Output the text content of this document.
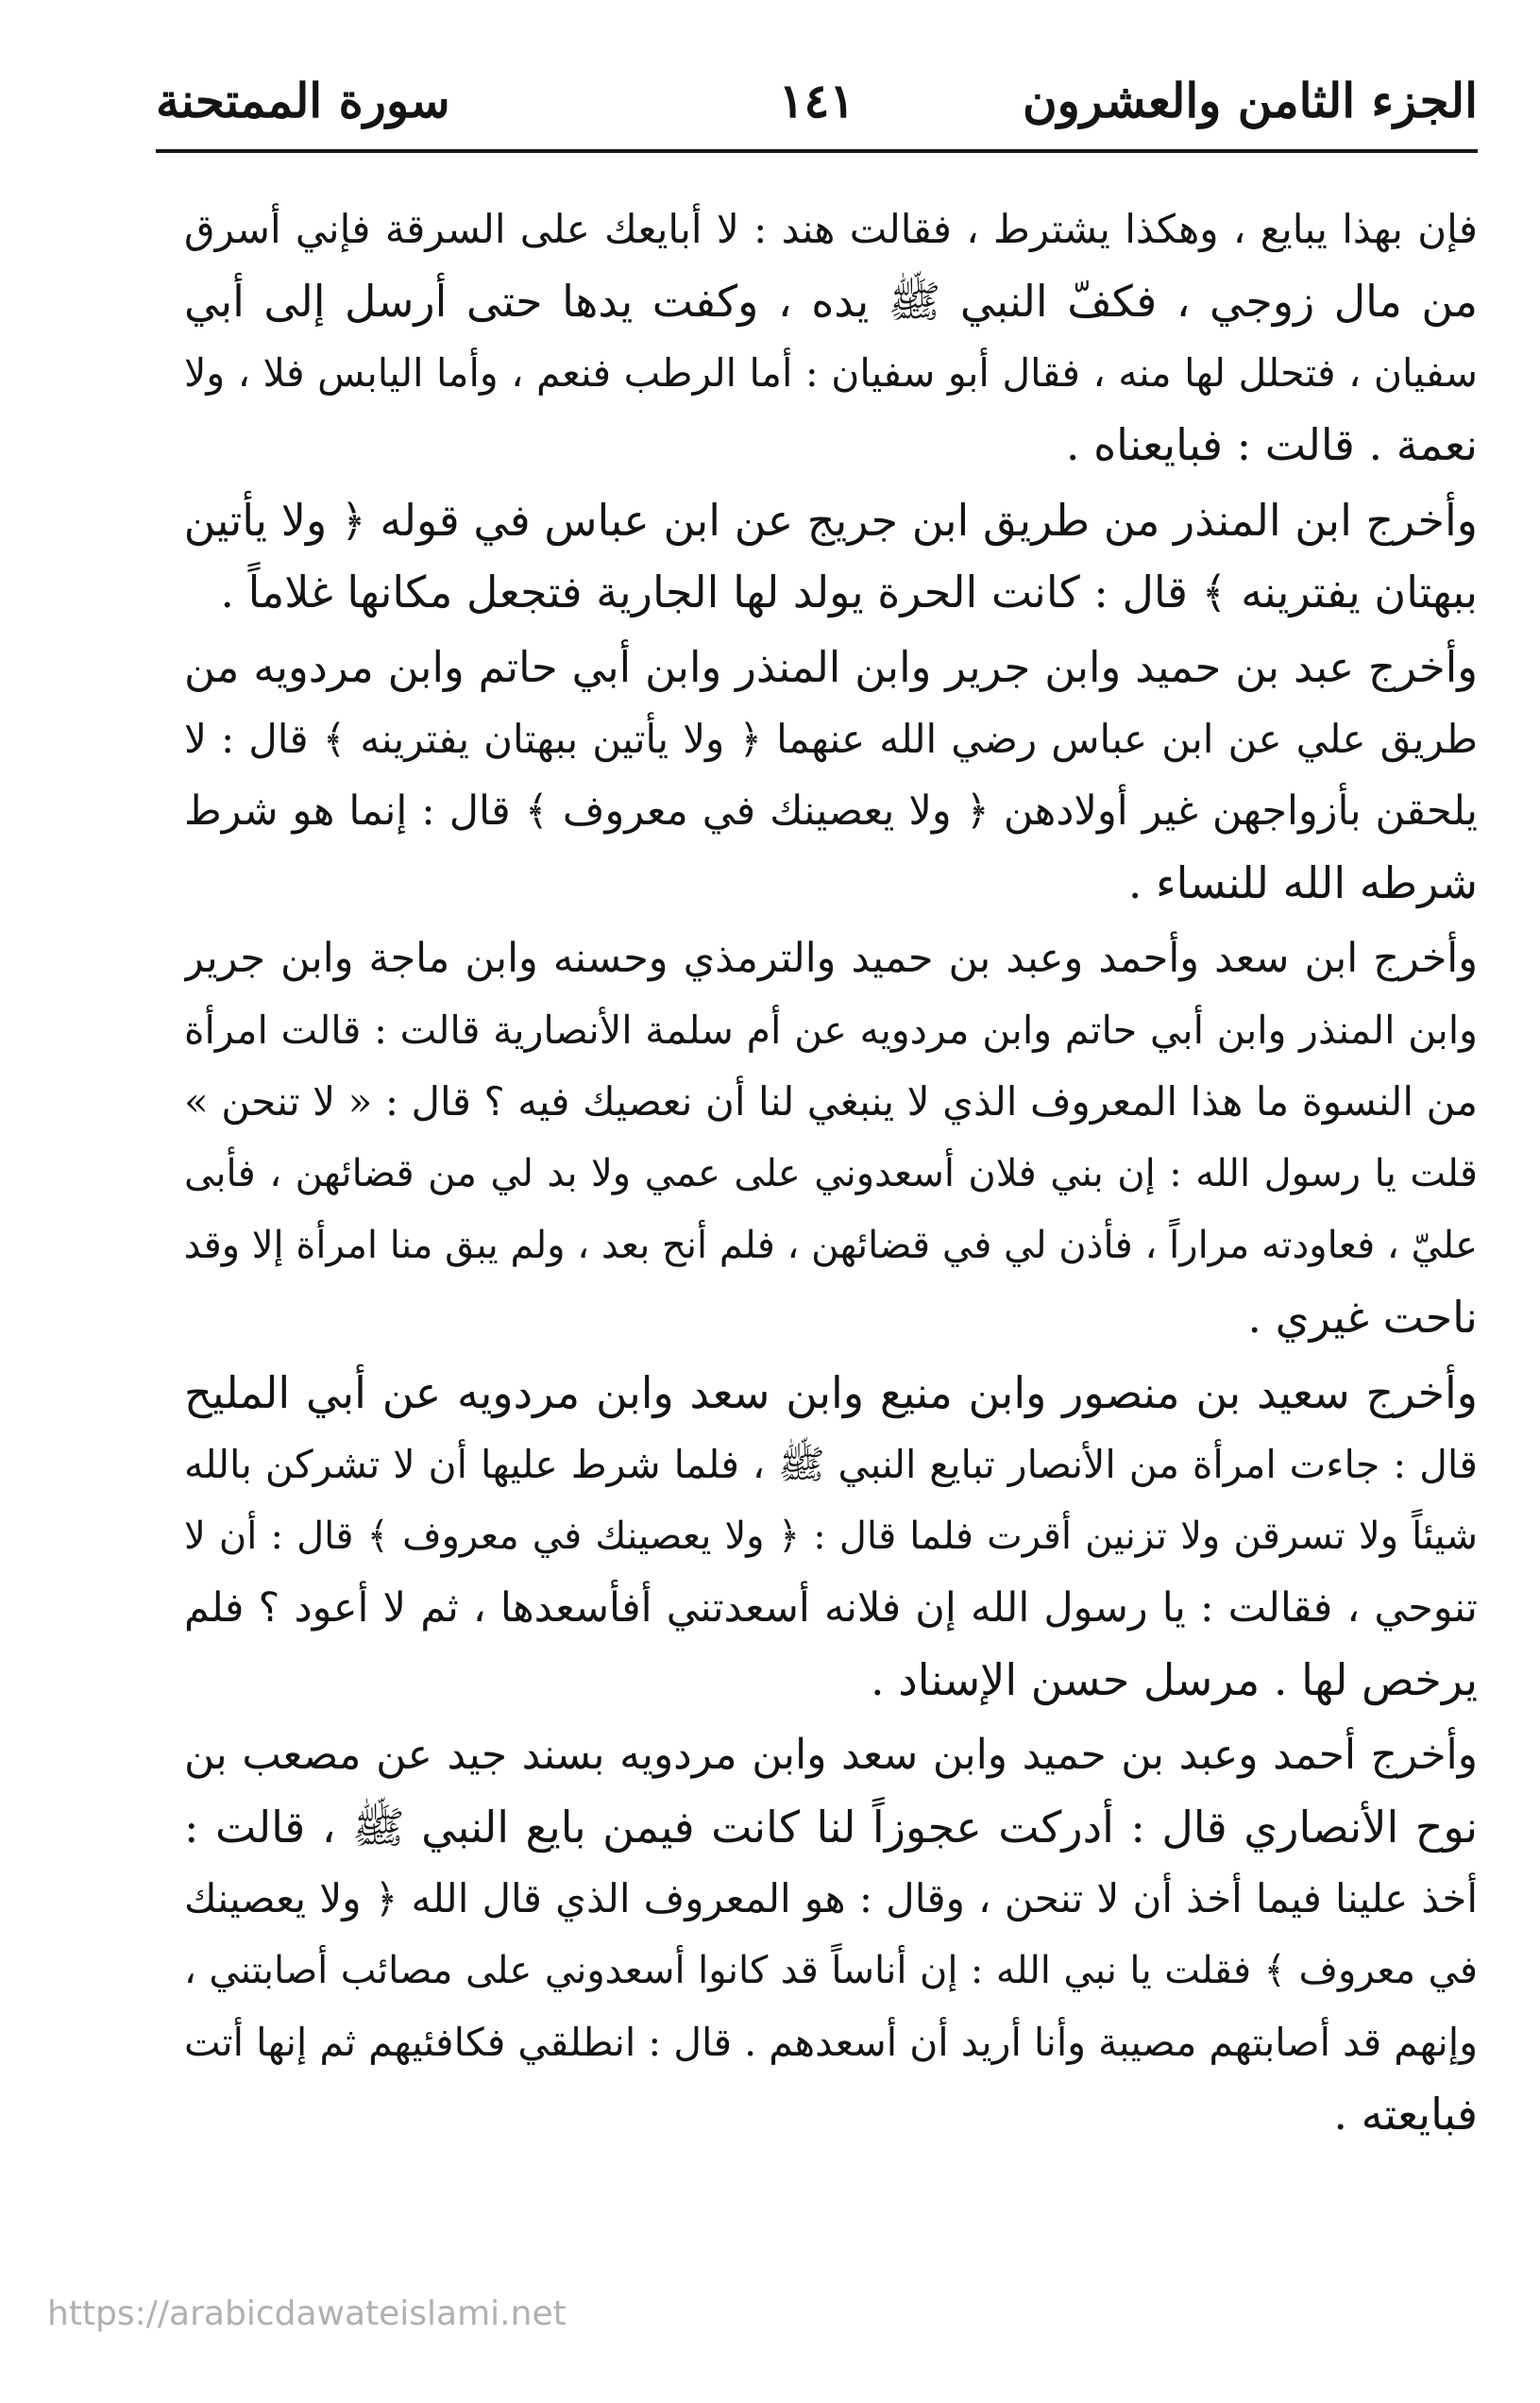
الجزء الثامن والعشرون
١٤١
سورة الممتحنة
فإن بهذا يبايع ، وهكذا يشترط ، فقالت هند : لا أبايعك على السرقة فإني أسرق
من مال زوجي ، فكفّ النبي ﷺ يده ، وكفت يدها حتى أرسل إلى أبي
سفيان ، فتحلل لها منه ، فقال أبو سفيان : أما الرطب فنعم ، وأما اليابس فلا ، ولا
نعمة . قالت : فبايعناه .
وأخرج ابن المنذر من طريق ابن جريج عن ابن عباس في قوله ﴿ ولا يأتين
ببهتان يفترينه ﴾ قال : كانت الحرة يولد لها الجارية فتجعل مكانها غلاماً .
وأخرج عبد بن حميد وابن جرير وابن المنذر وابن أبي حاتم وابن مردويه من
طريق علي عن ابن عباس رضي الله عنهما ﴿ ولا يأتين ببهتان يفترينه ﴾ قال : لا
يلحقن بأزواجهن غير أولادهن ﴿ ولا يعصينك في معروف ﴾ قال : إنما هو شرط
شرطه الله للنساء .
وأخرج ابن سعد وأحمد وعبد بن حميد والترمذي وحسنه وابن ماجة وابن جرير
وابن المنذر وابن أبي حاتم وابن مردويه عن أم سلمة الأنصارية قالت : قالت امرأة
من النسوة ما هذا المعروف الذي لا ينبغي لنا أن نعصيك فيه ؟ قال : « لا تنحن »
قلت يا رسول الله : إن بني فلان أسعدوني على عمي ولا بد لي من قضائهن ، فأبى
عليّ ، فعاودته مراراً ، فأذن لي في قضائهن ، فلم أنح بعد ، ولم يبق منا امرأة إلا وقد
ناحت غيري .
وأخرج سعيد بن منصور وابن منيع وابن سعد وابن مردويه عن أبي المليح
قال : جاءت امرأة من الأنصار تبايع النبي ﷺ ، فلما شرط عليها أن لا تشركن بالله
شيئاً ولا تسرقن ولا تزنين أقرت فلما قال : ﴿ ولا يعصينك في معروف ﴾ قال : أن لا
تنوحي ، فقالت : يا رسول الله إن فلانه أسعدتني أفأسعدها ، ثم لا أعود ؟ فلم
يرخص لها . مرسل حسن الإسناد .
وأخرج أحمد وعبد بن حميد وابن سعد وابن مردويه بسند جيد عن مصعب بن
نوح الأنصاري قال : أدركت عجوزاً لنا كانت فيمن بايع النبي ﷺ ، قالت :
أخذ علينا فيما أخذ أن لا تنحن ، وقال : هو المعروف الذي قال الله ﴿ ولا يعصينك
في معروف ﴾ فقلت يا نبي الله : إن أناساً قد كانوا أسعدوني على مصائب أصابتني ،
وإنهم قد أصابتهم مصيبة وأنا أريد أن أسعدهم . قال : انطلقي فكافئيهم ثم إنها أتت
فبايعته .
https://arabicdawateislami.net
